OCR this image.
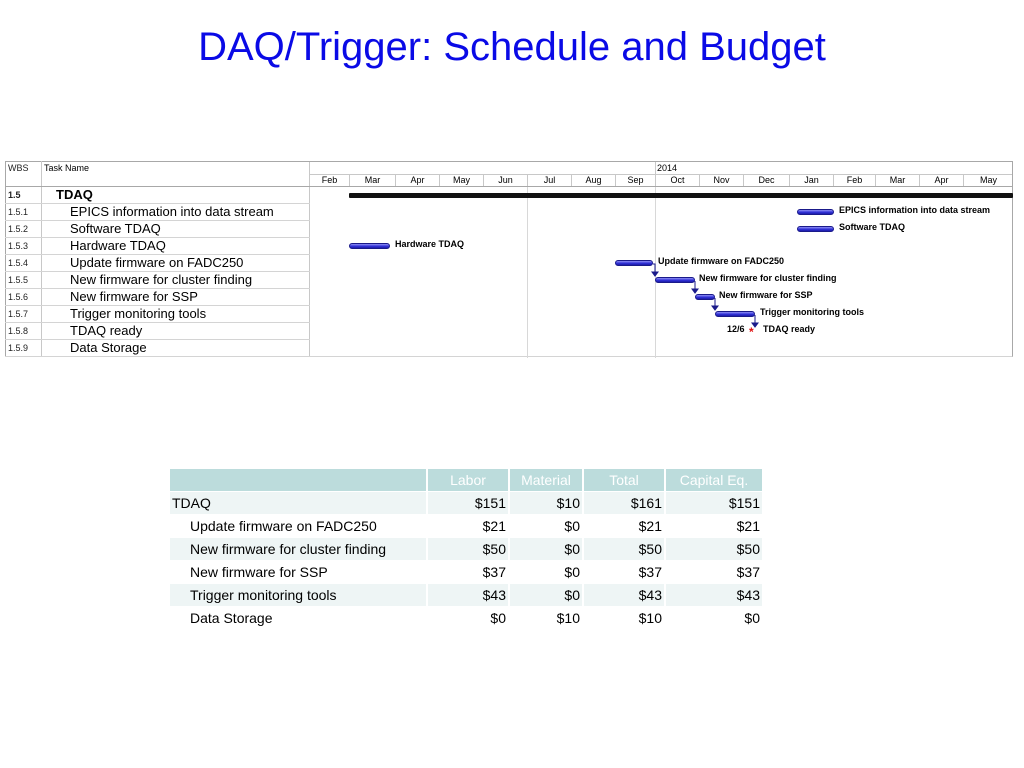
DAQ/Trigger: Schedule and Budget
WBS	Task Name
1.5	TDAQ
1.5.1	EPICS information into data stream
1.5.2	Software TDAQ
1.5.3	Hardware TDAQ
1.5.4	Update firmware on FADC250
1.5.5	New firmware for cluster finding
1.5.6	New firmware for SSP
1.5.7	Trigger monitoring tools
1.5.8	TDAQ ready
1.5.9	Data Storage
2014
Feb	Mar	Apr	May	Jun	Jul	Aug	Sep	Oct	Nov	Dec	Jan	Feb	Mar	Apr	May
EPICS information into data stream
Software TDAQ
Hardware TDAQ
Update firmware on FADC250
New firmware for cluster finding
New firmware for SSP
Trigger monitoring tools
12/6 * TDAQ ready
	Labor	Material	Total	Capital Eq.
TDAQ	$151	$10	$161	$151
Update firmware on FADC250	$21	$0	$21	$21
New firmware for cluster finding	$50	$0	$50	$50
New firmware for SSP	$37	$0	$37	$37
Trigger monitoring tools	$43	$0	$43	$43
Data Storage	$0	$10	$10	$0
